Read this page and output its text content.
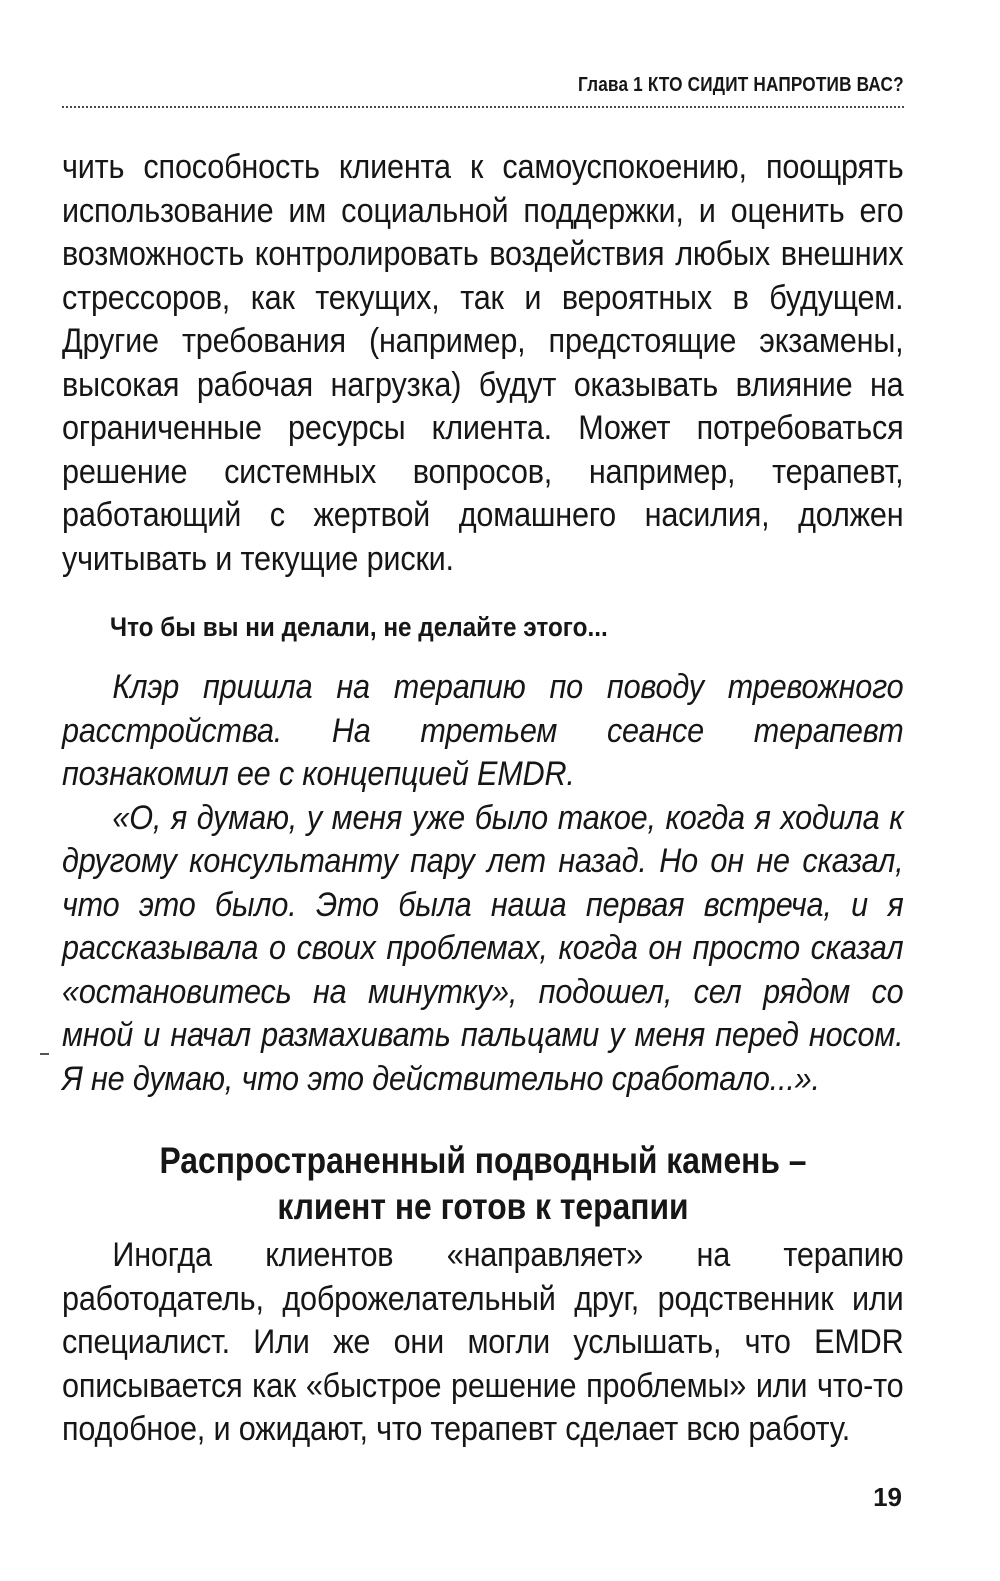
Глава 1 КТО СИДИТ НАПРОТИВ ВАС?

чить способность клиента к самоуспокоению, поощрять использование им социальной поддержки, и оценить его возможность контролировать воздействия любых внешних стрессоров, как текущих, так и вероятных в будущем. Другие требования (например, предстоящие экзамены, высокая рабочая нагрузка) будут оказывать влияние на ограниченные ресурсы клиента. Может потребоваться решение системных вопросов, например, терапевт, работающий с жертвой домашнего насилия, должен учитывать и текущие риски.

Что бы вы ни делали, не делайте этого...

Клэр пришла на терапию по поводу тревожного расстройства. На третьем сеансе терапевт познакомил ее с концепцией EMDR.

«О, я думаю, у меня уже было такое, когда я ходила к другому консультанту пару лет назад. Но он не сказал, что это было. Это была наша первая встреча, и я рассказывала о своих проблемах, когда он просто сказал «остановитесь на минутку», подошел, сел рядом со мной и начал размахивать пальцами у меня перед носом. Я не думаю, что это действительно сработало...».

Распространенный подводный камень –
клиент не готов к терапии

Иногда клиентов «направляет» на терапию работодатель, доброжелательный друг, родственник или специалист. Или же они могли услышать, что EMDR описывается как «быстрое решение проблемы» или что-то подобное, и ожидают, что терапевт сделает всю работу.

19
